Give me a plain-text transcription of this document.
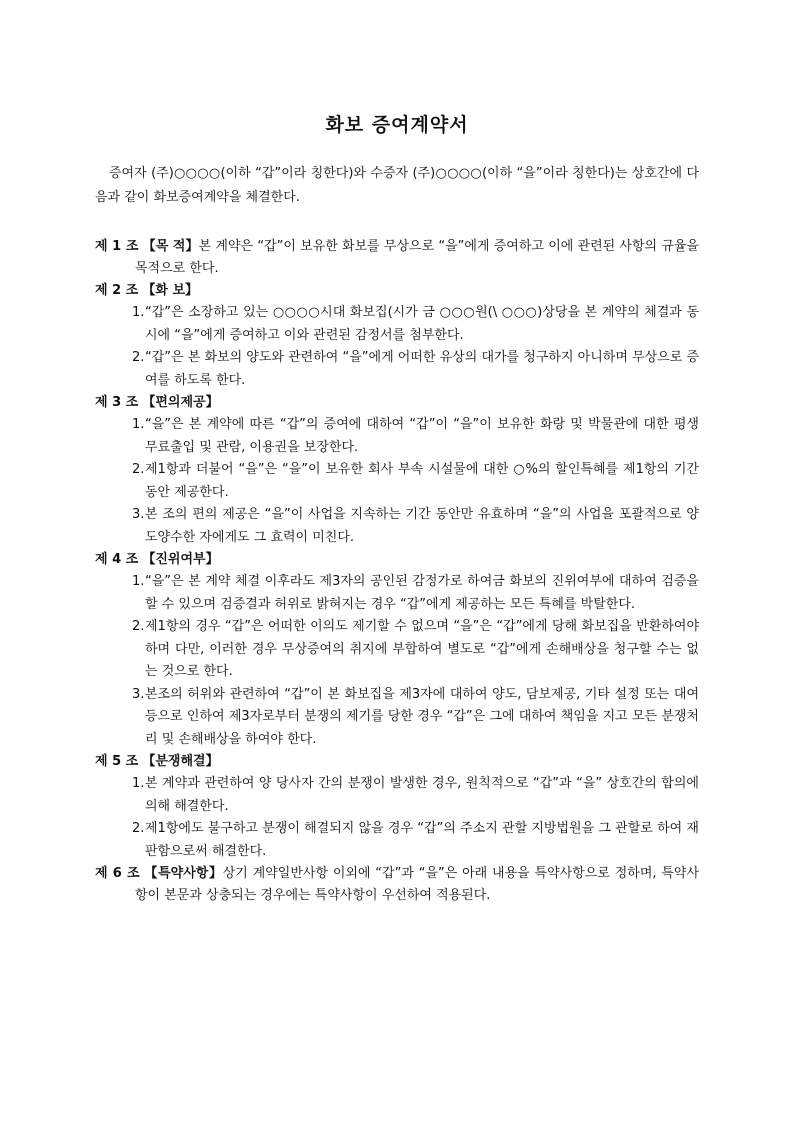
화보 증여계약서
증여자 (주)○○○○(이하 “갑”이라 칭한다)와 수증자 (주)○○○○(이하 “을”이라 칭한다)는 상호간에 다음과 같이 화보증여계약을 체결한다.
제 1 조 【목 적】본 계약은 “갑”이 보유한 화보를 무상으로 “을”에게 증여하고 이에 관련된 사항의 규율을 목적으로 한다.
제 2 조 【화 보】
1. “갑”은 소장하고 있는 ○○○○시대 화보집(시가 금 ○○○원(\ ○○○)상당을 본 계약의 체결과 동시에 “을”에게 증여하고 이와 관련된 감정서를 첨부한다.
2. “갑”은 본 화보의 양도와 관련하여 “을”에게 어떠한 유상의 대가를 청구하지 아니하며 무상으로 증여를 하도록 한다.
제 3 조 【편의제공】
1. “을”은 본 계약에 따른 “갑”의 증여에 대하여 “갑”이 “을”이 보유한 화랑 및 박물관에 대한 평생 무료출입 및 관람, 이용권을 보장한다.
2. 제1항과 더불어 “을”은 “을”이 보유한 회사 부속 시설물에 대한 ○%의 할인특혜를 제1항의 기간 동안 제공한다.
3. 본 조의 편의 제공은 “을”이 사업을 지속하는 기간 동안만 유효하며 “을”의 사업을 포괄적으로 양도양수한 자에게도 그 효력이 미친다.
제 4 조 【진위여부】
1. “을”은 본 계약 체결 이후라도 제3자의 공인된 감정가로 하여금 화보의 진위여부에 대하여 검증을 할 수 있으며 검증결과 허위로 밝혀지는 경우 “갑”에게 제공하는 모든 특혜를 박탈한다.
2. 제1항의 경우 “갑”은 어떠한 이의도 제기할 수 없으며 “을”은 “갑”에게 당해 화보집을 반환하여야 하며 다만, 이러한 경우 무상증여의 취지에 부합하여 별도로 “갑”에게 손해배상을 청구할 수는 없는 것으로 한다.
3. 본조의 허위와 관련하여 “갑”이 본 화보집을 제3자에 대하여 양도, 담보제공, 기타 설정 또는 대여 등으로 인하여 제3자로부터 분쟁의 제기를 당한 경우 “갑”은 그에 대하여 책임을 지고 모든 분쟁처리 및 손해배상을 하여야 한다.
제 5 조 【분쟁해결】
1. 본 계약과 관련하여 양 당사자 간의 분쟁이 발생한 경우, 원칙적으로 “갑”과 “을” 상호간의 합의에 의해 해결한다.
2. 제1항에도 불구하고 분쟁이 해결되지 않을 경우 “갑”의 주소지 관할 지방법원을 그 관할로 하여 재판함으로써 해결한다.
제 6 조 【특약사항】상기 계약일반사항 이외에 “갑”과 “을”은 아래 내용을 특약사항으로 정하며, 특약사항이 본문과 상충되는 경우에는 특약사항이 우선하여 적용된다.
